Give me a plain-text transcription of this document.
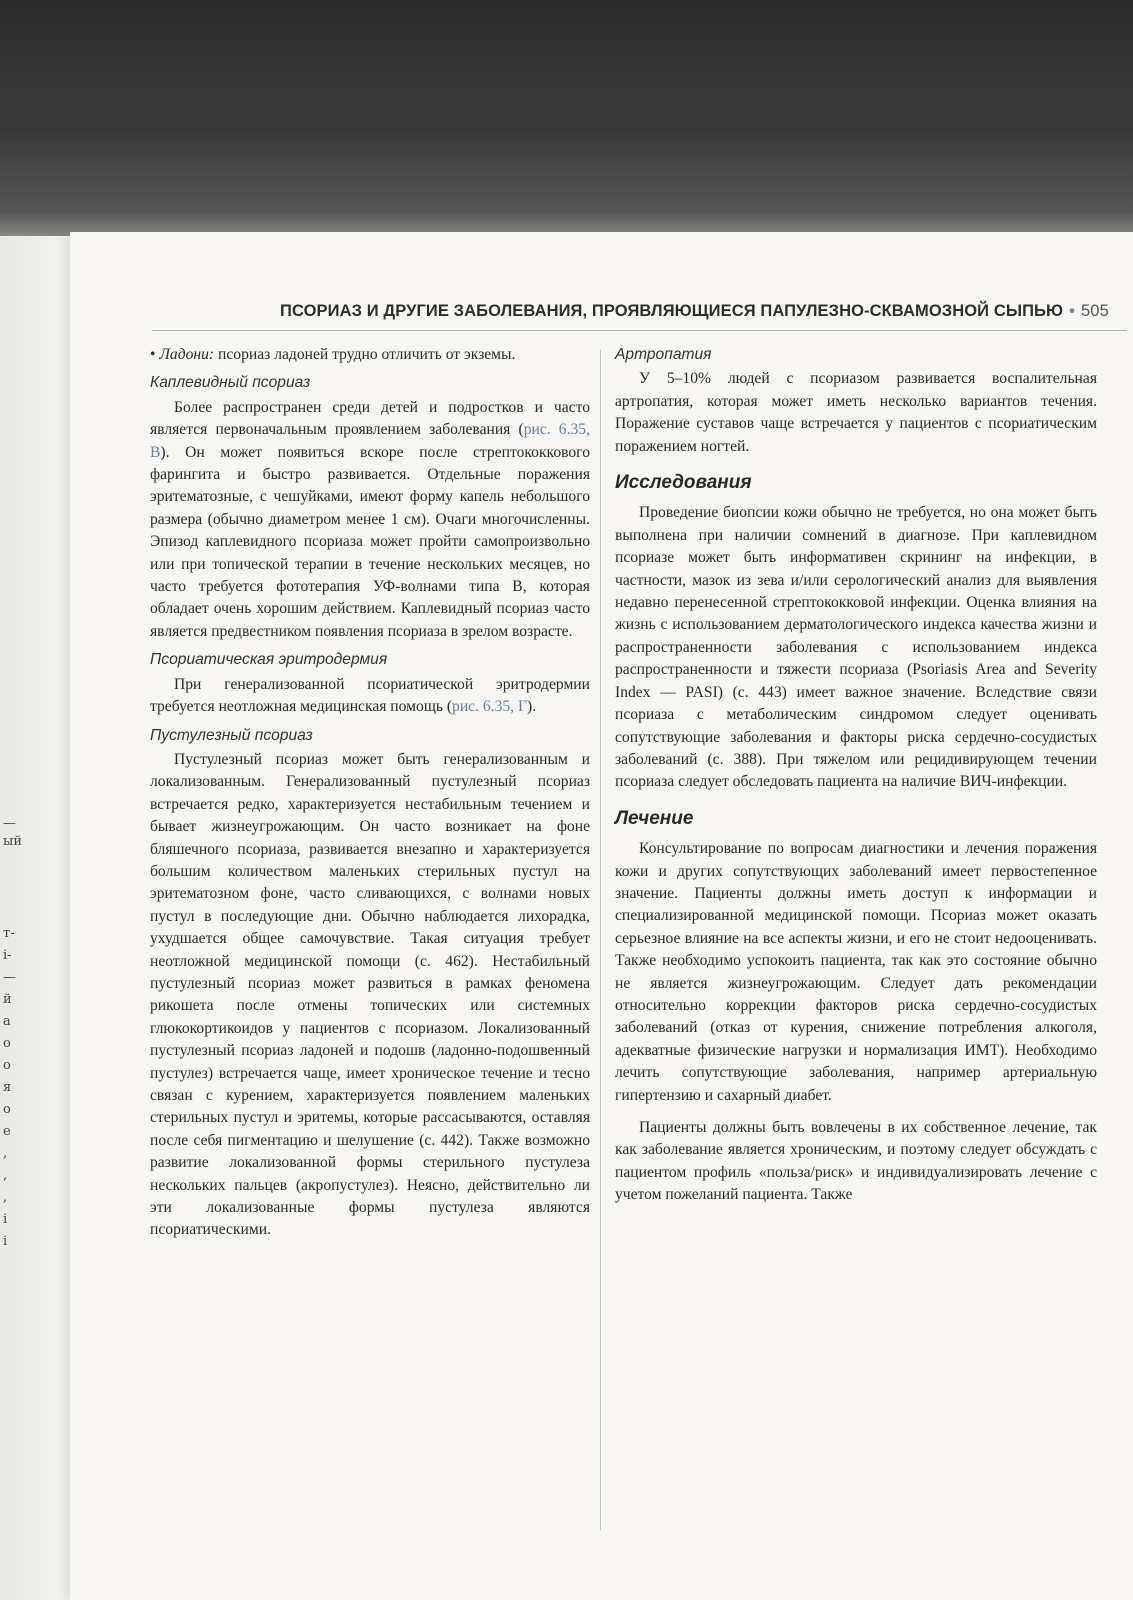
—
ый
т-
і-
—
й
а
о
о
я
о
е
,
,
,
і
і
ПСОРИАЗ И ДРУГИЕ ЗАБОЛЕВАНИЯ, ПРОЯВЛЯЮЩИЕСЯ ПАПУЛЕЗНО-СКВАМОЗНОЙ СЫПЬЮ • 505

• Ладони: псориаз ладоней трудно отличить от экземы.

Каплевидный псориаз

Более распространен среди детей и подростков и часто является первоначальным проявлением заболевания (рис. 6.35, В). Он может появиться вскоре после стрептококкового фарингита и быстро развивается. Отдельные поражения эритематозные, с чешуйками, имеют форму капель небольшого размера (обычно диаметром менее 1 см). Очаги многочисленны. Эпизод каплевидного псориаза может пройти самопроизвольно или при топической терапии в течение нескольких месяцев, но часто требуется фототерапия УФ-волнами типа В, которая обладает очень хорошим действием. Каплевидный псориаз часто является предвестником появления псориаза в зрелом возрасте.

Псориатическая эритродермия

При генерализованной псориатической эритродермии требуется неотложная медицинская помощь (рис. 6.35, Г).

Пустулезный псориаз

Пустулезный псориаз может быть генерализованным и локализованным. Генерализованный пустулезный псориаз встречается редко, характеризуется нестабильным течением и бывает жизнеугрожающим. Он часто возникает на фоне бляшечного псориаза, развивается внезапно и характеризуется большим количеством маленьких стерильных пустул на эритематозном фоне, часто сливающихся, с волнами новых пустул в последующие дни. Обычно наблюдается лихорадка, ухудшается общее самочувствие. Такая ситуация требует неотложной медицинской помощи (с. 462). Нестабильный пустулезный псориаз может развиться в рамках феномена рикошета после отмены топических или системных глюкокортикоидов у пациентов с псориазом. Локализованный пустулезный псориаз ладоней и подошв (ладонно-подошвенный пустулез) встречается чаще, имеет хроническое течение и тесно связан с курением, характеризуется появлением маленьких стерильных пустул и эритемы, которые рассасываются, оставляя после себя пигментацию и шелушение (с. 442). Также возможно развитие локализованной формы стерильного пустулеза нескольких пальцев (акропустулез). Неясно, действительно ли эти локализованные формы пустулеза являются псориатическими.

Артропатия

У 5–10% людей с псориазом развивается воспалительная артропатия, которая может иметь несколько вариантов течения. Поражение суставов чаще встречается у пациентов с псориатическим поражением ногтей.

Исследования

Проведение биопсии кожи обычно не требуется, но она может быть выполнена при наличии сомнений в диагнозе. При каплевидном псориазе может быть информативен скрининг на инфекции, в частности, мазок из зева и/или серологический анализ для выявления недавно перенесенной стрептококковой инфекции. Оценка влияния на жизнь с использованием дерматологического индекса качества жизни и распространенности заболевания с использованием индекса распространенности и тяжести псориаза (Psoriasis Area and Severity Index — PASI) (с. 443) имеет важное значение. Вследствие связи псориаза с метаболическим синдромом следует оценивать сопутствующие заболевания и факторы риска сердечно-сосудистых заболеваний (с. 388). При тяжелом или рецидивирующем течении псориаза следует обследовать пациента на наличие ВИЧ-инфекции.

Лечение

Консультирование по вопросам диагностики и лечения поражения кожи и других сопутствующих заболеваний имеет первостепенное значение. Пациенты должны иметь доступ к информации и специализированной медицинской помощи. Псориаз может оказать серьезное влияние на все аспекты жизни, и его не стоит недооценивать. Также необходимо успокоить пациента, так как это состояние обычно не является жизнеугрожающим. Следует дать рекомендации относительно коррекции факторов риска сердечно-сосудистых заболеваний (отказ от курения, снижение потребления алкоголя, адекватные физические нагрузки и нормализация ИМТ). Необходимо лечить сопутствующие заболевания, например артериальную гипертензию и сахарный диабет.

Пациенты должны быть вовлечены в их собственное лечение, так как заболевание является хроническим, и поэтому следует обсуждать с пациентом профиль «польза/риск» и индивидуализировать лечение с учетом пожеланий пациента. Также
